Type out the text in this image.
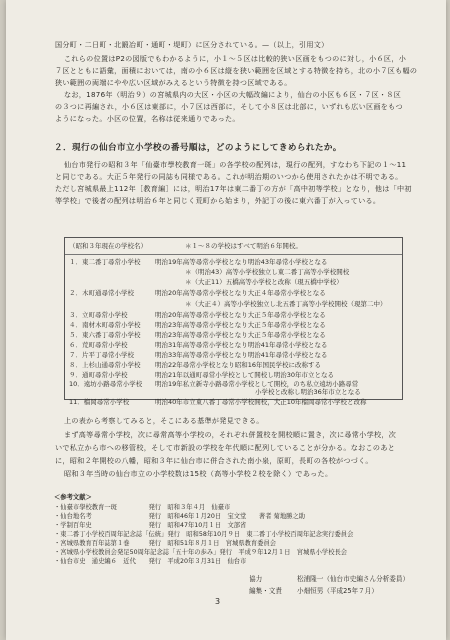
国分町・二日町・北鍛冶町・通町・堤町）に区分されている。—（以上，引用文）
これらの位置はP2の図版でもわかるように，小１〜５区は比較的狭い区画をもつのに対し，小６区，小
７区とともに語彙，面積においては，南の小６区は縦を狭い範囲を区域とする特徴を持ち，北の小７区も幅の
狭い範囲の両端にやや広い区域がみえるという特徴を持つ区域である。
なお，1876年（明治９）の宮城県内の大区・小区の大幅改編により，仙台の小区も６区・７区・８区
の３つに再編され，小６区は東部に，小７区は西部に，そして小８区は北部に，いずれも広い区画をもつ
ようになった。小区の位置，名称は従来通りであった。
２．現行の仙台市立小学校の番号順は，どのようにしてきめられたか。
仙台市発行の昭和３年「仙臺市學校教育一斑」の各学校の配列は，現行の配列，すなわち下記の１〜11
と同じである。大正５年発行の同誌も同様である。これが明治期のいつから使用されたかは不明である。
ただし宮城県最上112年［教育編］には，明治17年は東二番丁の方が「高中初等学校」となり，他は「中初
等学校」で後者の配列は明治６年と同じく荒町から始まり，外記丁の後に東六番丁が入っている。
（昭和３年現在の学校名）	＊１〜８の学校はすべて明治６年開校。
１．東二番丁尋常小学校 明治19年高等尋常小学校となり明治43年尋常小学校となる
＊（明治43）高等小学校独立し東二番丁高等小学校開校
＊（大正11）五橋高等小学校と改称（現五橋中学校）
２．木町通尋常小学校	明治20年高等尋常小学校となり大正４年尋常小学校となる
＊（大正４）高等小学校独立し北五番丁高等小学校開校（現第二中）
３．立町尋常小学校	明治20年高等尋常小学校となり大正５年尋常小学校となる
４．南材木町尋常小学校 明治23年高等尋常小学校となり大正５年尋常小学校となる
５．東六番丁尋常小学校 明治23年高等尋常小学校となり大正５年尋常小学校となる
６．荒町尋常小学校	明治31年高等尋常小学校となり明治41年尋常小学校となる
７．片平丁尋常小学校	明治33年高等尋常小学校となり明治41年尋常小学校となる
８．上杉山通尋常小学校 明治22年尋常小学校となり昭和16年国民学校に改称する
９．通町尋常小学校	明治21年以通町尋常小学校として開校し明治30年市立となる
10．遠坊小路尋常小学校 明治19年私立新寺小路尋常小学校として開校，のち私立遠坊小路尋常
小学校と改称し明治36年市立となる
11．榴岡尋常小学校	明治40年市立東八番丁尋常小学校開校，大正10年榴岡尋常小学校と改称
上の表から考察してみると，そこにある基準が発見できる。
まず高等尋常小学校，次に尋常高等小学校の，それぞれ併置校を開校順に置き，次に尋常小学校，次
いで私立から市への移管校，そして市新設の学校を年代順に配列していることが分かる。なおこのあと
に，昭和２年開校の八幡，昭和３年に仙台市に併合された南小泉，原町，長町の各校がつづく。
昭和３年当時の仙台市立の小学校数は15校（高等小学校２校を除く）であった。
＜参考文献＞
・仙臺市學校教育一斑　　　　　発行　昭和３年４月　仙臺市
・仙台地名考　　　　　　　　　発行　昭和46年１月20日　宝文堂　　著者 菊地勝之助
・学制百年史　　　　　　　　　発行　昭和47年10月１日　文部省
・東二番丁小学校百周年記念誌「伝統」発行　昭和58年10月９日　東二番丁小学校百周年記念実行委員会
・宮城県教育百年誌第１巻　　　発行　昭和51年８月１日　宮城県教育委員会
・宮城県小学校教員会発足50周年記念誌「五十年の歩み」発行　平成９年12月１日　宮城県小学校長会
・仙台市史　通史編６　近代　　発行　平成20年３月31日　仙台市
協力	松浦隆一（仙台市史編さん分析委員）
編集・文責 小畑恒男（平成25年７月）
3
